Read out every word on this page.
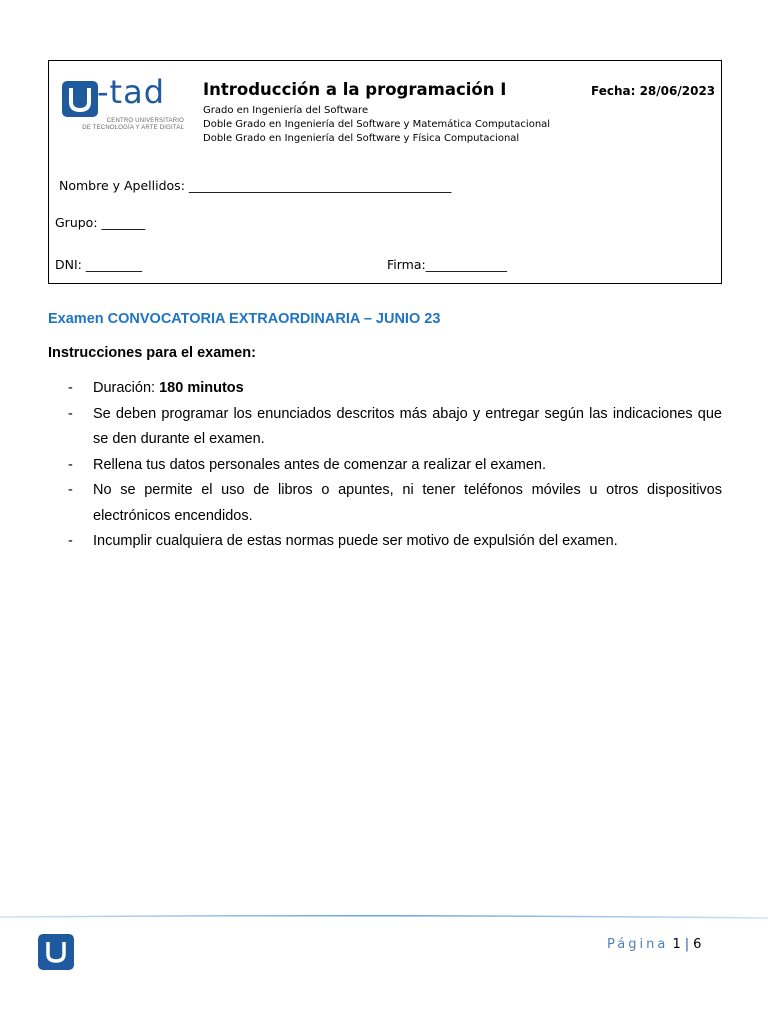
-tad
CENTRO UNIVERSITARIO
DE TECNOLOGÍA Y ARTE DIGITAL
Introducción a la programación I	Fecha: 28/06/2023
Grado en Ingeniería del Software
Doble Grado en Ingeniería del Software y Matemática Computacional
Doble Grado en Ingeniería del Software y Física Computacional
Nombre y Apellidos: __________________________________________
Grupo: _______
DNI: _________	Firma:_____________
Examen CONVOCATORIA EXTRAORDINARIA – JUNIO 23
Instrucciones para el examen:
- Duración: 180 minutos
- Se deben programar los enunciados descritos más abajo y entregar según las indicaciones que se den durante el examen.
- Rellena tus datos personales antes de comenzar a realizar el examen.
- No se permite el uso de libros o apuntes, ni tener teléfonos móviles u otros dispositivos electrónicos encendidos.
- Incumplir cualquiera de estas normas puede ser motivo de expulsión del examen.
Página 1 | 6
